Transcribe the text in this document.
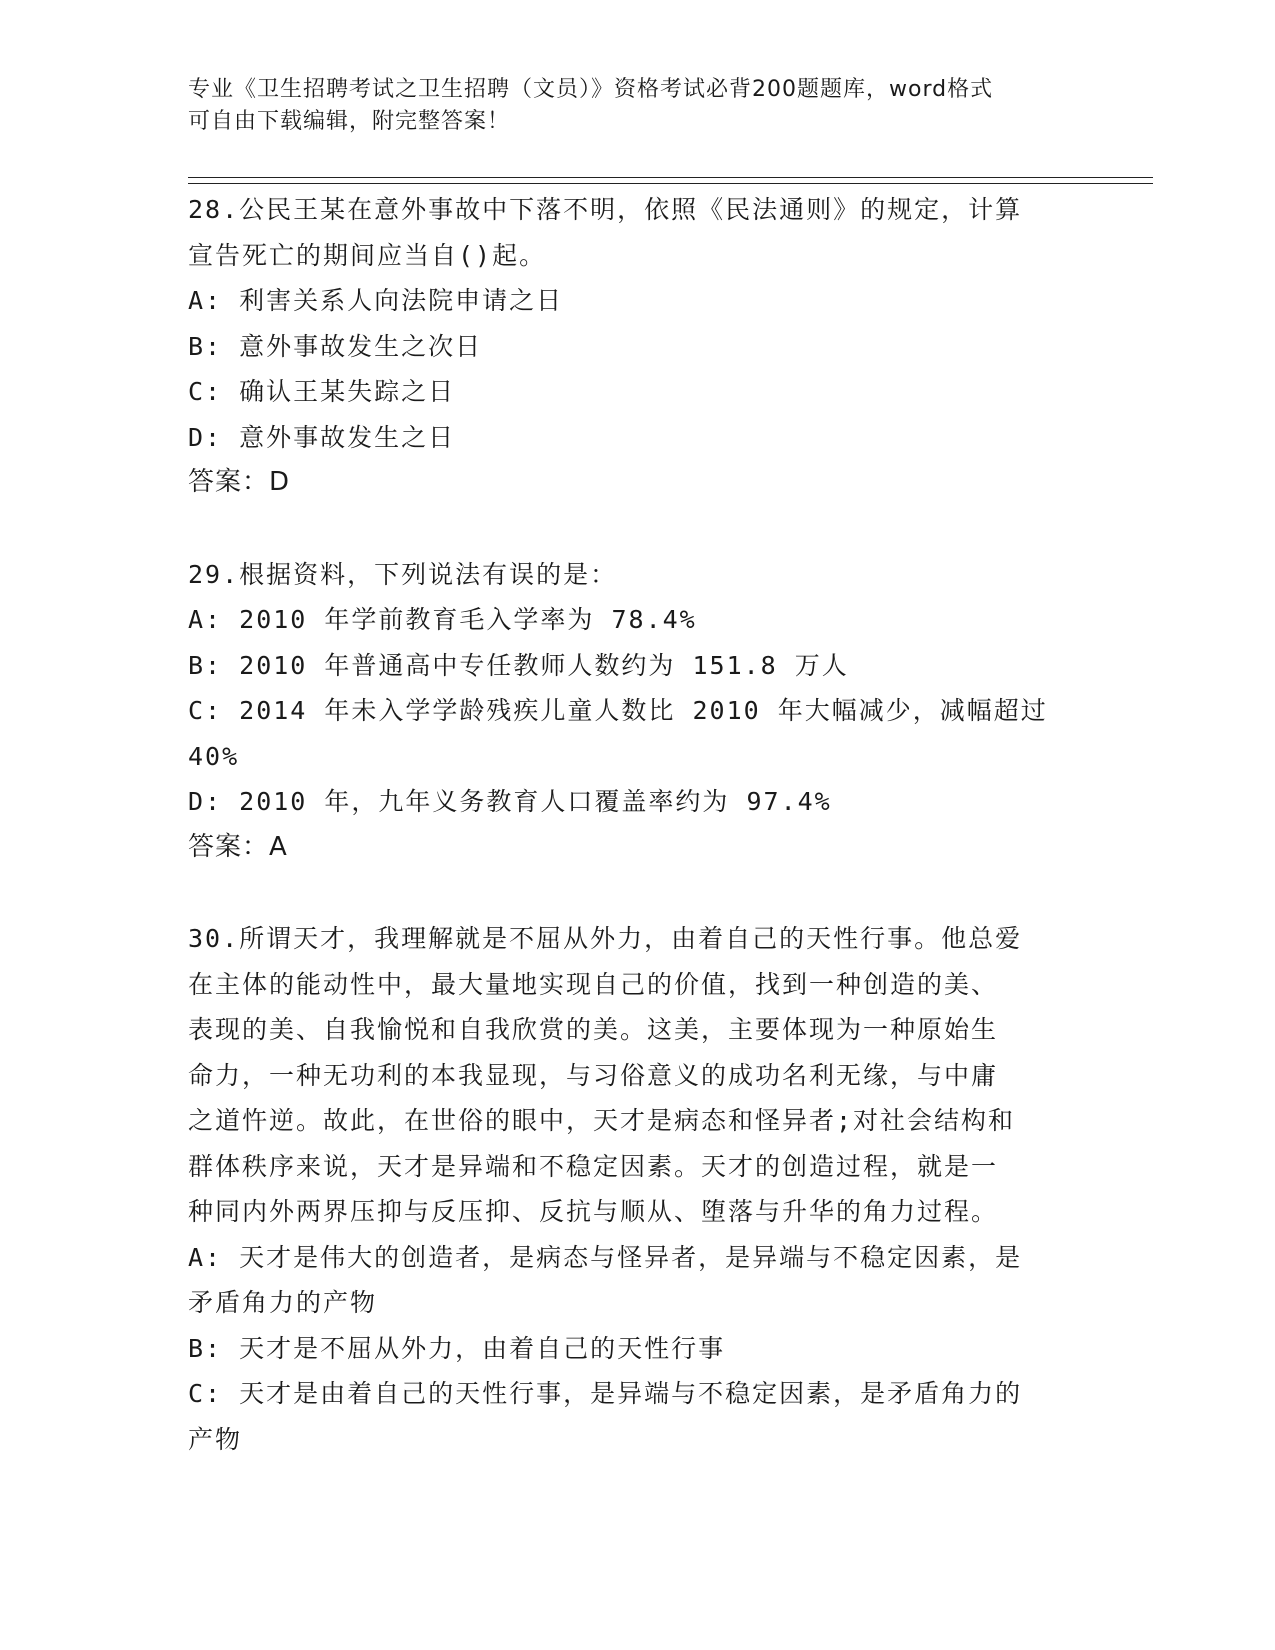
专业《卫生招聘考试之卫生招聘（文员）》资格考试必背200题题库，word格式
可自由下载编辑，附完整答案！
28.公民王某在意外事故中下落不明，依照《民法通则》的规定，计算
宣告死亡的期间应当自()起。
A: 利害关系人向法院申请之日
B: 意外事故发生之次日
C: 确认王某失踪之日
D: 意外事故发生之日
答案：D
29.根据资料，下列说法有误的是：
A: 2010 年学前教育毛入学率为 78.4%
B: 2010 年普通高中专任教师人数约为 151.8 万人
C: 2014 年未入学学龄残疾儿童人数比 2010 年大幅减少，减幅超过
40%
D: 2010 年，九年义务教育人口覆盖率约为 97.4%
答案：A
30.所谓天才，我理解就是不屈从外力，由着自己的天性行事。他总爱
在主体的能动性中，最大量地实现自己的价值，找到一种创造的美、
表现的美、自我愉悦和自我欣赏的美。这美，主要体现为一种原始生
命力，一种无功利的本我显现，与习俗意义的成功名利无缘，与中庸
之道忤逆。故此，在世俗的眼中，天才是病态和怪异者;对社会结构和
群体秩序来说，天才是异端和不稳定因素。天才的创造过程，就是一
种同内外两界压抑与反压抑、反抗与顺从、堕落与升华的角力过程。
A: 天才是伟大的创造者，是病态与怪异者，是异端与不稳定因素，是
矛盾角力的产物
B: 天才是不屈从外力，由着自己的天性行事
C: 天才是由着自己的天性行事，是异端与不稳定因素，是矛盾角力的
产物
